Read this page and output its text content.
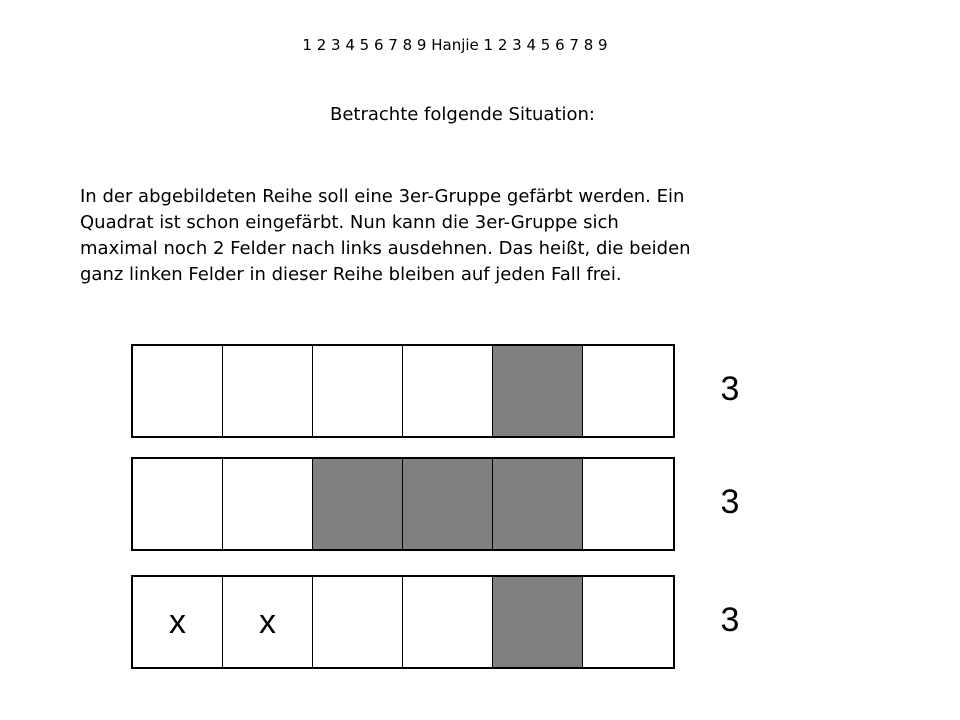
1 2 3 4 5 6 7 8 9 Hanjie 1 2 3 4 5 6 7 8 9
Betrachte folgende Situation:
In der abgebildeten Reihe soll eine 3er-Gruppe gefärbt werden. Ein
Quadrat ist schon eingefärbt. Nun kann die 3er-Gruppe sich
maximal noch 2 Felder nach links ausdehnen. Das heißt, die beiden
ganz linken Felder in dieser Reihe bleiben auf jeden Fall frei.
3
3
x	x	3
